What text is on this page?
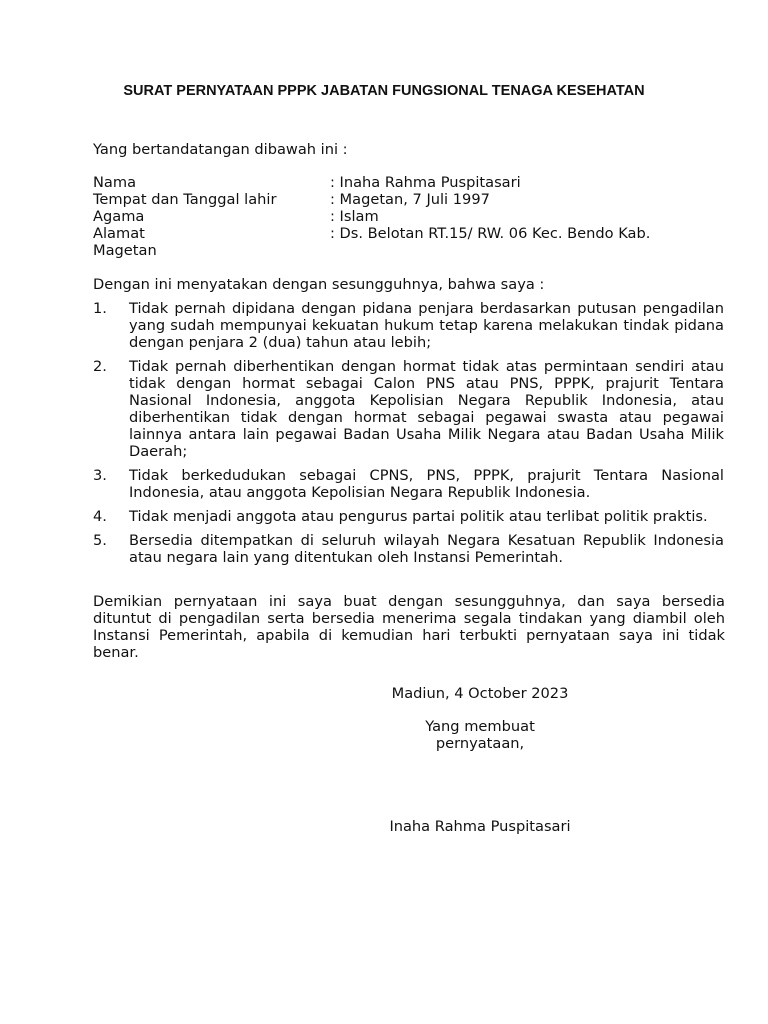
SURAT PERNYATAAN PPPK JABATAN FUNGSIONAL TENAGA KESEHATAN
Yang bertandatangan dibawah ini :
Nama	: Inaha Rahma Puspitasari
Tempat dan Tanggal lahir	: Magetan, 7 Juli 1997
Agama	: Islam
Alamat	: Ds. Belotan RT.15/ RW. 06 Kec. Bendo Kab.
Magetan
Dengan ini menyatakan dengan sesungguhnya, bahwa saya :
1. Tidak pernah dipidana dengan pidana penjara berdasarkan putusan pengadilan yang sudah mempunyai kekuatan hukum tetap karena melakukan tindak pidana dengan penjara 2 (dua) tahun atau lebih;
2. Tidak pernah diberhentikan dengan hormat tidak atas permintaan sendiri atau tidak dengan hormat sebagai Calon PNS atau PNS, PPPK, prajurit Tentara Nasional Indonesia, anggota Kepolisian Negara Republik Indonesia, atau diberhentikan tidak dengan hormat sebagai pegawai swasta atau pegawai lainnya antara lain pegawai Badan Usaha Milik Negara atau Badan Usaha Milik Daerah;
3. Tidak berkedudukan sebagai CPNS, PNS, PPPK, prajurit Tentara Nasional Indonesia, atau anggota Kepolisian Negara Republik Indonesia.
4. Tidak menjadi anggota atau pengurus partai politik atau terlibat politik praktis.
5. Bersedia ditempatkan di seluruh wilayah Negara Kesatuan Republik Indonesia atau negara lain yang ditentukan oleh Instansi Pemerintah.
Demikian pernyataan ini saya buat dengan sesungguhnya, dan saya bersedia dituntut di pengadilan serta bersedia menerima segala tindakan yang diambil oleh Instansi Pemerintah, apabila di kemudian hari terbukti pernyataan saya ini tidak benar.
Madiun, 4 October 2023
Yang membuat
pernyataan,
Inaha Rahma Puspitasari
